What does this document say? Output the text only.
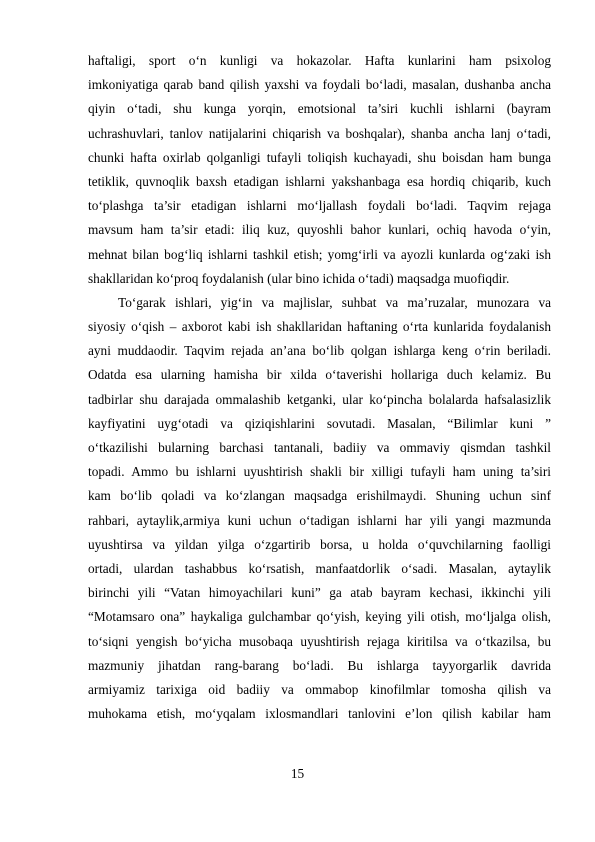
haftaligi, sport o‘n kunligi va hokazolar. Hafta kunlarini ham psixolog
imkoniyatiga qarab band qilish yaxshi va foydali bo‘ladi, masalan, dushanba ancha
qiyin o‘tadi, shu kunga yorqin, emotsional ta’siri kuchli ishlarni (bayram
uchrashuvlari, tanlov natijalarini chiqarish va boshqalar), shanba ancha lanj o‘tadi,
chunki hafta oxirlab qolganligi tufayli toliqish kuchayadi, shu boisdan ham bunga
tetiklik, quvnoqlik baxsh etadigan ishlarni yakshanbaga esa hordiq chiqarib, kuch
to‘plashga ta’sir etadigan ishlarni mo‘ljallash foydali bo‘ladi. Taqvim rejaga
mavsum ham ta’sir etadi: iliq kuz, quyoshli bahor kunlari, ochiq havoda o‘yin,
mehnat bilan bog‘liq ishlarni tashkil etish; yomg‘irli va ayozli kunlarda og‘zaki ish
shakllaridan ko‘proq foydalanish (ular bino ichida o‘tadi) maqsadga muofiqdir.
To‘garak ishlari, yig‘in va majlislar, suhbat va ma’ruzalar, munozara va
siyosiy o‘qish – axborot kabi ish shakllaridan haftaning o‘rta kunlarida foydalanish
ayni muddaodir. Taqvim rejada an’ana bo‘lib qolgan ishlarga keng o‘rin beriladi.
Odatda esa ularning hamisha bir xilda o‘taverishi hollariga duch kelamiz. Bu
tadbirlar shu darajada ommalashib ketganki, ular ko‘pincha bolalarda hafsalasizlik
kayfiyatini uyg‘otadi va qiziqishlarini sovutadi. Masalan, “Bilimlar kuni ”
o‘tkazilishi bularning barchasi tantanali, badiiy va ommaviy qismdan tashkil
topadi. Ammo bu ishlarni uyushtirish shakli bir xilligi tufayli ham uning ta’siri
kam bo‘lib qoladi va ko‘zlangan maqsadga erishilmaydi. Shuning uchun sinf
rahbari, aytaylik,armiya kuni uchun o‘tadigan ishlarni har yili yangi mazmunda
uyushtirsa va yildan yilga o‘zgartirib borsa, u holda o‘quvchilarning faolligi
ortadi, ulardan tashabbus ko‘rsatish, manfaatdorlik o‘sadi. Masalan, aytaylik
birinchi yili “Vatan himoyachilari kuni” ga atab bayram kechasi, ikkinchi yili
“Motamsaro ona” haykaliga gulchambar qo‘yish, keying yili otish, mo‘ljalga olish,
to‘siqni yengish bo‘yicha musobaqa uyushtirish rejaga kiritilsa va o‘tkazilsa, bu
mazmuniy jihatdan rang-barang bo‘ladi. Bu ishlarga tayyorgarlik davrida
armiyamiz tarixiga oid badiiy va ommabop kinofilmlar tomosha qilish va
muhokama etish, mo‘yqalam ixlosmandlari tanlovini e’lon qilish kabilar ham
15
